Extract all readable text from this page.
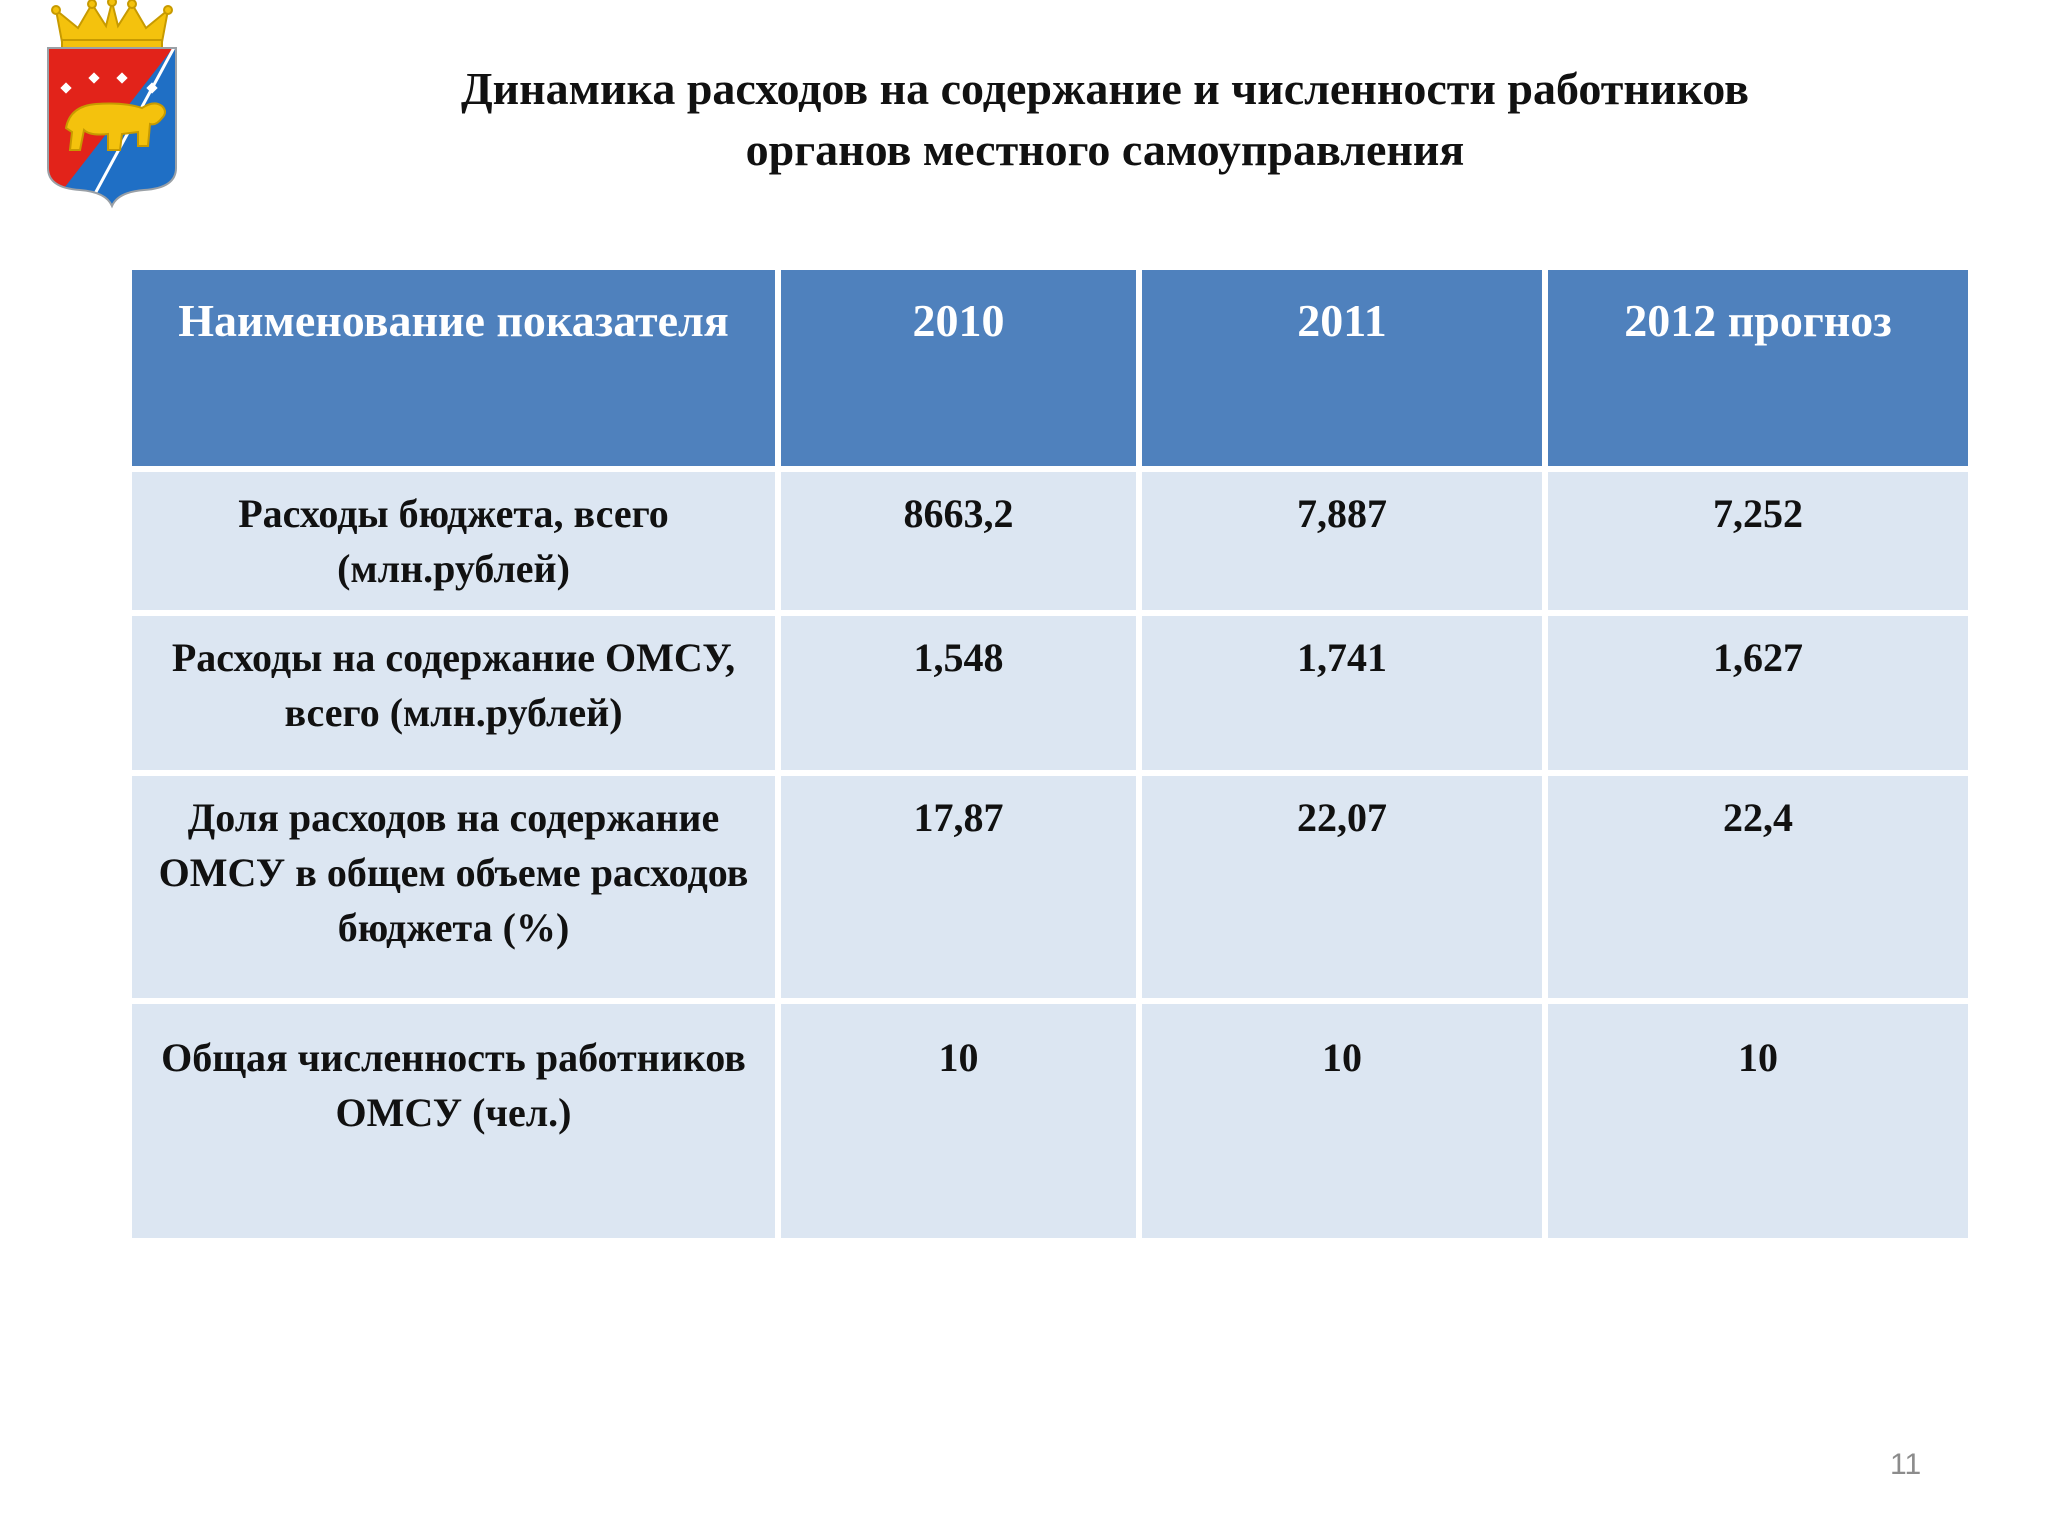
Динамика расходов на содержание и численности работников
органов местного самоуправления
Наименование показателя	2010	2011	2012 прогноз
Расходы бюджета, всего (млн.рублей)	8663,2	7,887	7,252
Расходы на содержание ОМСУ, всего (млн.рублей)	1,548	1,741	1,627
Доля расходов на содержание ОМСУ в общем объеме расходов бюджета (%)	17,87	22,07	22,4
Общая численность работников ОМСУ (чел.)	10	10	10
11
